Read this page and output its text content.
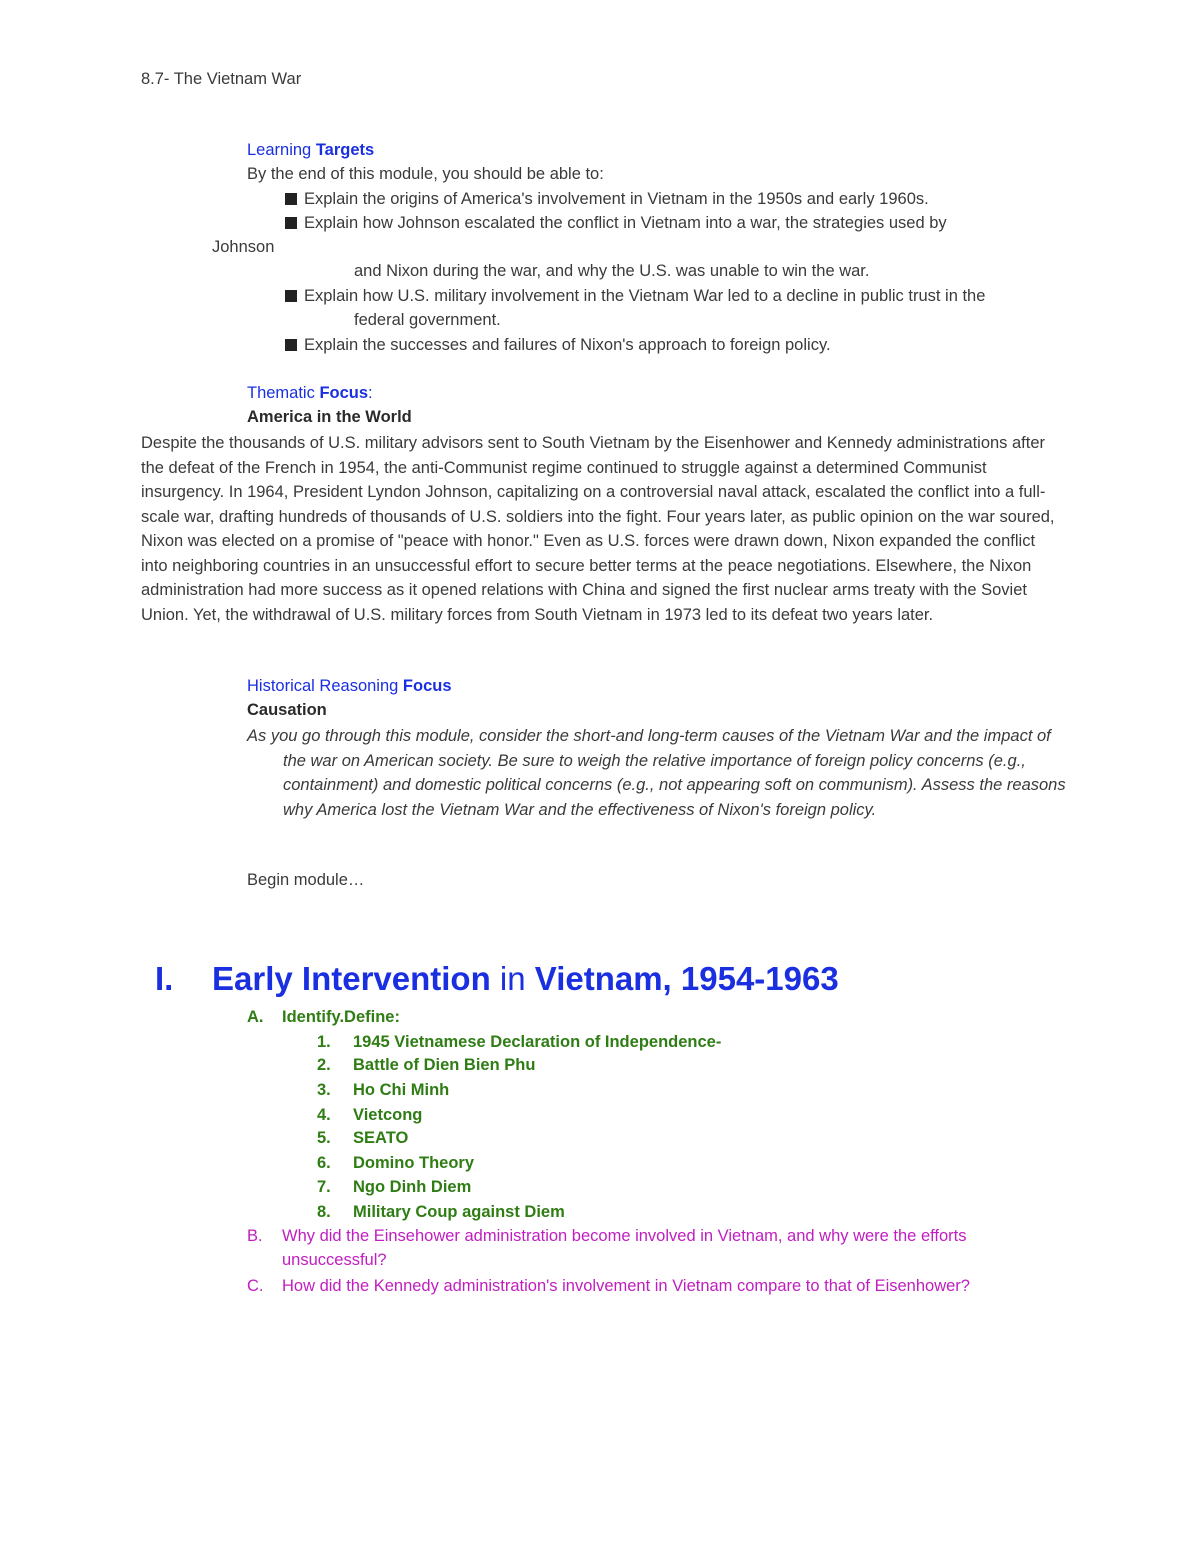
8.7- The Vietnam War
Learning Targets
By the end of this module, you should be able to:
Explain the origins of America's involvement in Vietnam in the 1950s and early 1960s.
Explain how Johnson escalated the conflict in Vietnam into a war, the strategies used by
Johnson
and Nixon during the war, and why the U.S. was unable to win the war.
Explain how U.S. military involvement in the Vietnam War led to a decline in public trust in the
federal government.
Explain the successes and failures of Nixon's approach to foreign policy.
Thematic Focus:
America in the World
Despite the thousands of U.S. military advisors sent to South Vietnam by the Eisenhower and Kennedy administrations after the defeat of the French in 1954, the anti-Communist regime continued to struggle against a determined Communist insurgency. In 1964, President Lyndon Johnson, capitalizing on a controversial naval attack, escalated the conflict into a full-scale war, drafting hundreds of thousands of U.S. soldiers into the fight. Four years later, as public opinion on the war soured, Nixon was elected on a promise of "peace with honor." Even as U.S. forces were drawn down, Nixon expanded the conflict into neighboring countries in an unsuccessful effort to secure better terms at the peace negotiations. Elsewhere, the Nixon administration had more success as it opened relations with China and signed the first nuclear arms treaty with the Soviet Union. Yet, the withdrawal of U.S. military forces from South Vietnam in 1973 led to its defeat two years later.
Historical Reasoning Focus
Causation
As you go through this module, consider the short-and long-term causes of the Vietnam War and the impact of the war on American society. Be sure to weigh the relative importance of foreign policy concerns (e.g., containment) and domestic political concerns (e.g., not appearing soft on communism). Assess the reasons why America lost the Vietnam War and the effectiveness of Nixon's foreign policy.
Begin module…
I. Early Intervention in Vietnam, 1954-1963
A. Identify.Define:
1. 1945 Vietnamese Declaration of Independence-
2. Battle of Dien Bien Phu
3. Ho Chi Minh
4. Vietcong
5. SEATO
6. Domino Theory
7. Ngo Dinh Diem
8. Military Coup against Diem
B. Why did the Einsehower administration become involved in Vietnam, and why were the efforts
unsuccessful?
C. How did the Kennedy administration's involvement in Vietnam compare to that of Eisenhower?
